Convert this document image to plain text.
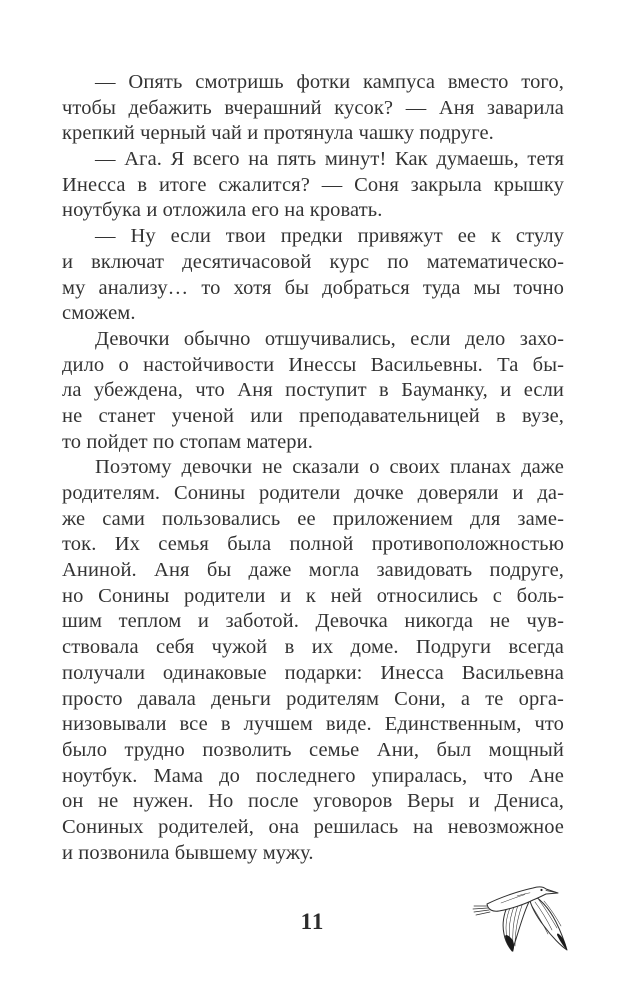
— Опять смотришь фотки кампуса вместо того,
чтобы дебажить вчерашний кусок? — Аня заварила
крепкий черный чай и протянула чашку подруге.
— Ага. Я всего на пять минут! Как думаешь, тетя
Инесса в итоге сжалится? — Соня закрыла крышку
ноутбука и отложила его на кровать.
— Ну если твои предки привяжут ее к стулу
и включат десятичасовой курс по математическо-
му анализу… то хотя бы добраться туда мы точно
сможем.
Девочки обычно отшучивались, если дело захо-
дило о настойчивости Инессы Васильевны. Та бы-
ла убеждена, что Аня поступит в Бауманку, и если
не станет ученой или преподавательницей в вузе,
то пойдет по стопам матери.
Поэтому девочки не сказали о своих планах даже
родителям. Сонины родители дочке доверяли и да-
же сами пользовались ее приложением для заме-
ток. Их семья была полной противоположностью
Аниной. Аня бы даже могла завидовать подруге,
но Сонины родители и к ней относились с боль-
шим теплом и заботой. Девочка никогда не чув-
ствовала себя чужой в их доме. Подруги всегда
получали одинаковые подарки: Инесса Васильевна
просто давала деньги родителям Сони, а те орга-
низовывали все в лучшем виде. Единственным, что
было трудно позволить семье Ани, был мощный
ноутбук. Мама до последнего упиралась, что Ане
он не нужен. Но после уговоров Веры и Дениса,
Сониных родителей, она решилась на невозможное
и позвонила бывшему мужу.
11
